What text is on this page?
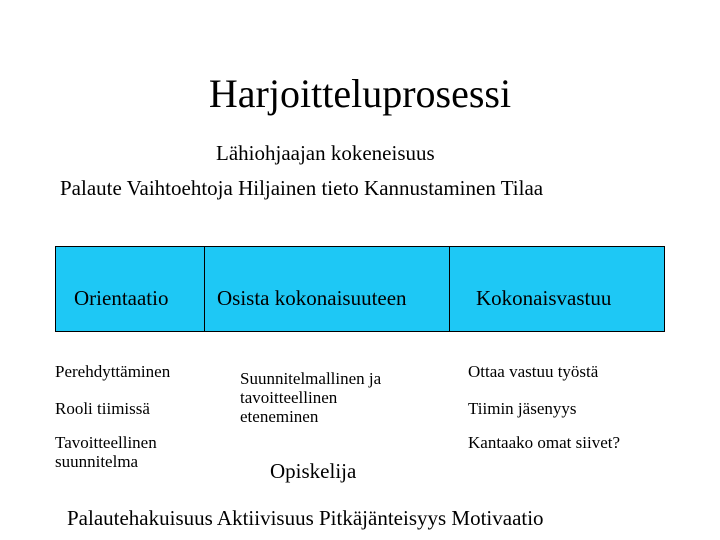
Harjoitteluprosessi
Lähiohjaajan kokeneisuus
Palaute Vaihtoehtoja Hiljainen tieto Kannustaminen Tilaa
Orientaatio Osista kokonaisuuteen	Kokonaisvastuu
Perehdyttäminen
Rooli tiimissä
Tavoitteellinen
suunnitelma
Suunnitelmallinen ja
tavoitteellinen
eteneminen
Opiskelija
Ottaa vastuu työstä
Tiimin jäsenyys
Kantaako omat siivet?
Palautehakuisuus Aktiivisuus Pitkäjänteisyys Motivaatio
